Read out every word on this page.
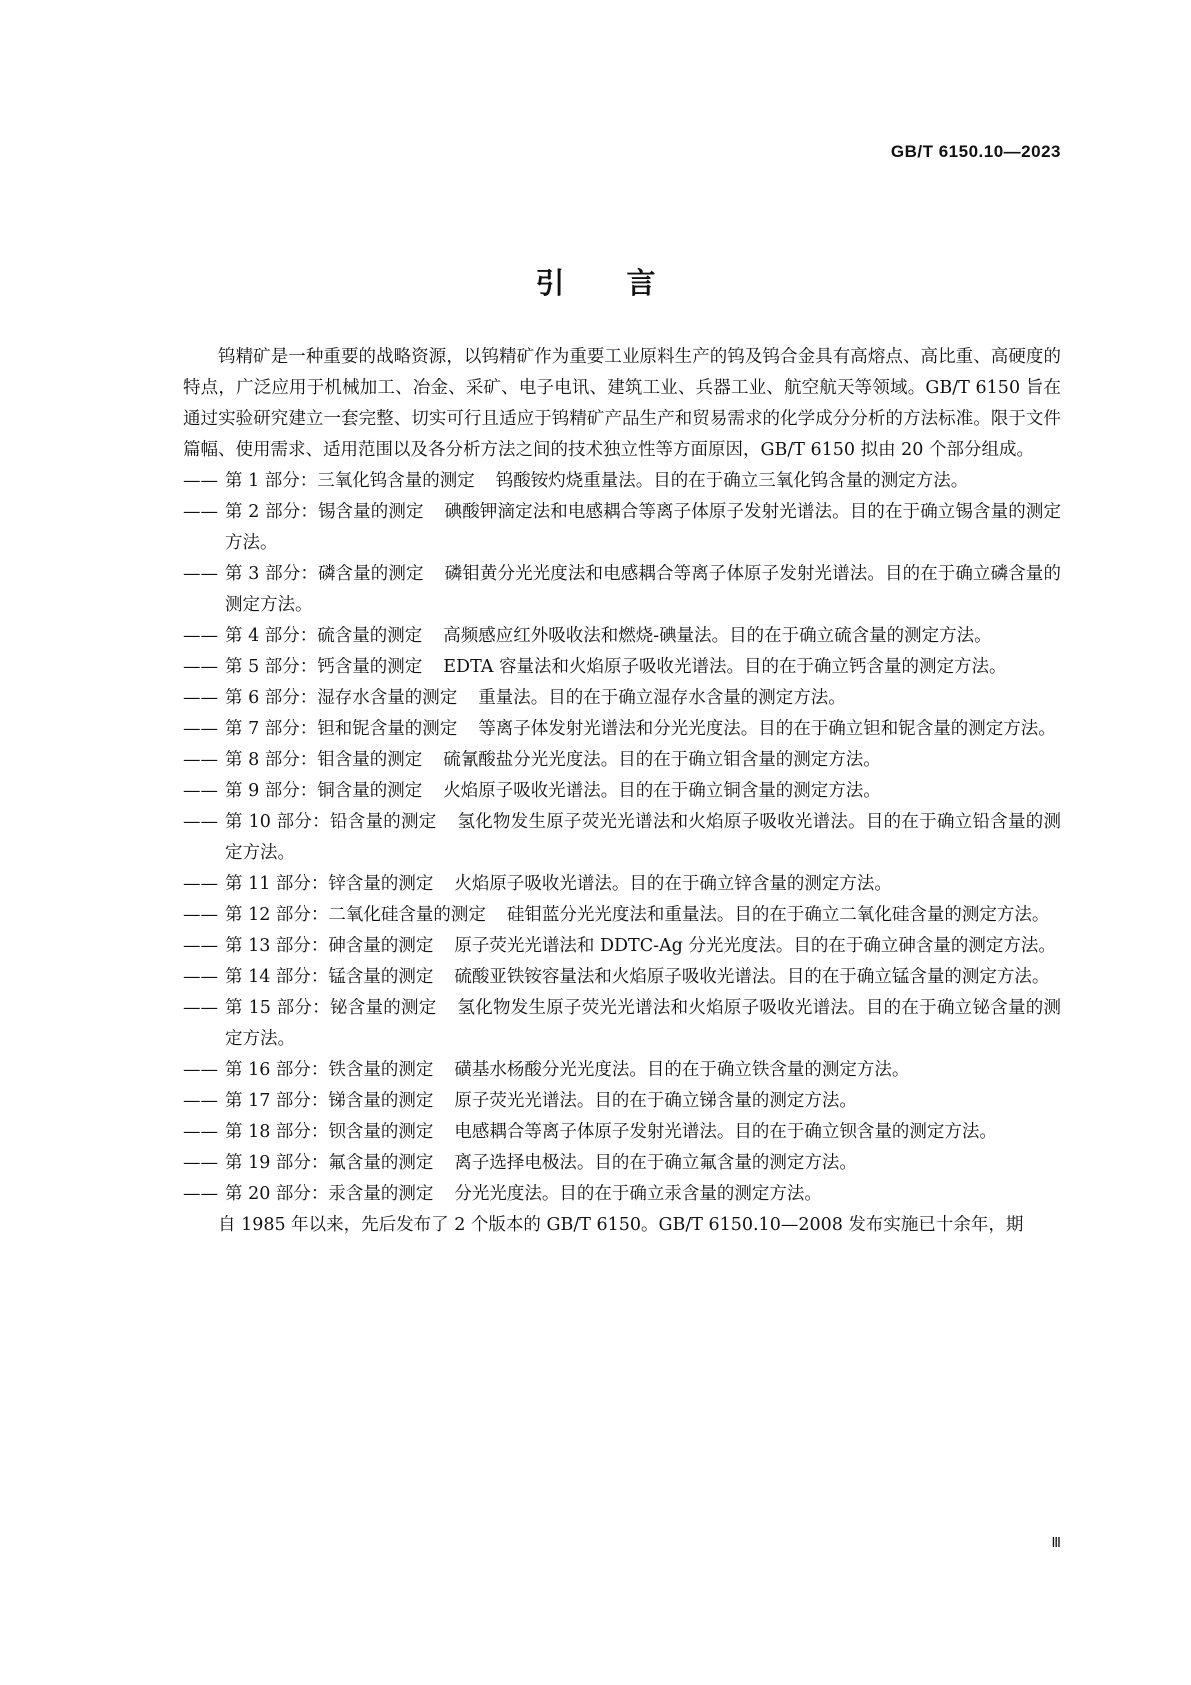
GB/T 6150.10—2023
引言

钨精矿是一种重要的战略资源，以钨精矿作为重要工业原料生产的钨及钨合金具有高熔点、高比重、高硬度的特点，广泛应用于机械加工、冶金、采矿、电子电讯、建筑工业、兵器工业、航空航天等领域。GB/T 6150 旨在通过实验研究建立一套完整、切实可行且适应于钨精矿产品生产和贸易需求的化学成分分析的方法标准。限于文件篇幅、使用需求、适用范围以及各分析方法之间的技术独立性等方面原因，GB/T 6150 拟由 20 个部分组成。

—— 第 1 部分：三氧化钨含量的测定 钨酸铵灼烧重量法。目的在于确立三氧化钨含量的测定方法。
—— 第 2 部分：锡含量的测定 碘酸钾滴定法和电感耦合等离子体原子发射光谱法。目的在于确立锡含量的测定方法。
—— 第 3 部分：磷含量的测定 磷钼黄分光光度法和电感耦合等离子体原子发射光谱法。目的在于确立磷含量的测定方法。
—— 第 4 部分：硫含量的测定 高频感应红外吸收法和燃烧-碘量法。目的在于确立硫含量的测定方法。
—— 第 5 部分：钙含量的测定 EDTA 容量法和火焰原子吸收光谱法。目的在于确立钙含量的测定方法。
—— 第 6 部分：湿存水含量的测定 重量法。目的在于确立湿存水含量的测定方法。
—— 第 7 部分：钽和铌含量的测定 等离子体发射光谱法和分光光度法。目的在于确立钽和铌含量的测定方法。
—— 第 8 部分：钼含量的测定 硫氰酸盐分光光度法。目的在于确立钼含量的测定方法。
—— 第 9 部分：铜含量的测定 火焰原子吸收光谱法。目的在于确立铜含量的测定方法。
—— 第 10 部分：铅含量的测定 氢化物发生原子荧光光谱法和火焰原子吸收光谱法。目的在于确立铅含量的测定方法。
—— 第 11 部分：锌含量的测定 火焰原子吸收光谱法。目的在于确立锌含量的测定方法。
—— 第 12 部分：二氧化硅含量的测定 硅钼蓝分光光度法和重量法。目的在于确立二氧化硅含量的测定方法。
—— 第 13 部分：砷含量的测定 原子荧光光谱法和 DDTC-Ag 分光光度法。目的在于确立砷含量的测定方法。
—— 第 14 部分：锰含量的测定 硫酸亚铁铵容量法和火焰原子吸收光谱法。目的在于确立锰含量的测定方法。
—— 第 15 部分：铋含量的测定 氢化物发生原子荧光光谱法和火焰原子吸收光谱法。目的在于确立铋含量的测定方法。
—— 第 16 部分：铁含量的测定 磺基水杨酸分光光度法。目的在于确立铁含量的测定方法。
—— 第 17 部分：锑含量的测定 原子荧光光谱法。目的在于确立锑含量的测定方法。
—— 第 18 部分：钡含量的测定 电感耦合等离子体原子发射光谱法。目的在于确立钡含量的测定方法。
—— 第 19 部分：氟含量的测定 离子选择电极法。目的在于确立氟含量的测定方法。
—— 第 20 部分：汞含量的测定 分光光度法。目的在于确立汞含量的测定方法。

自 1985 年以来，先后发布了 2 个版本的 GB/T 6150。GB/T 6150.10—2008 发布实施已十余年，期

Ⅲ
